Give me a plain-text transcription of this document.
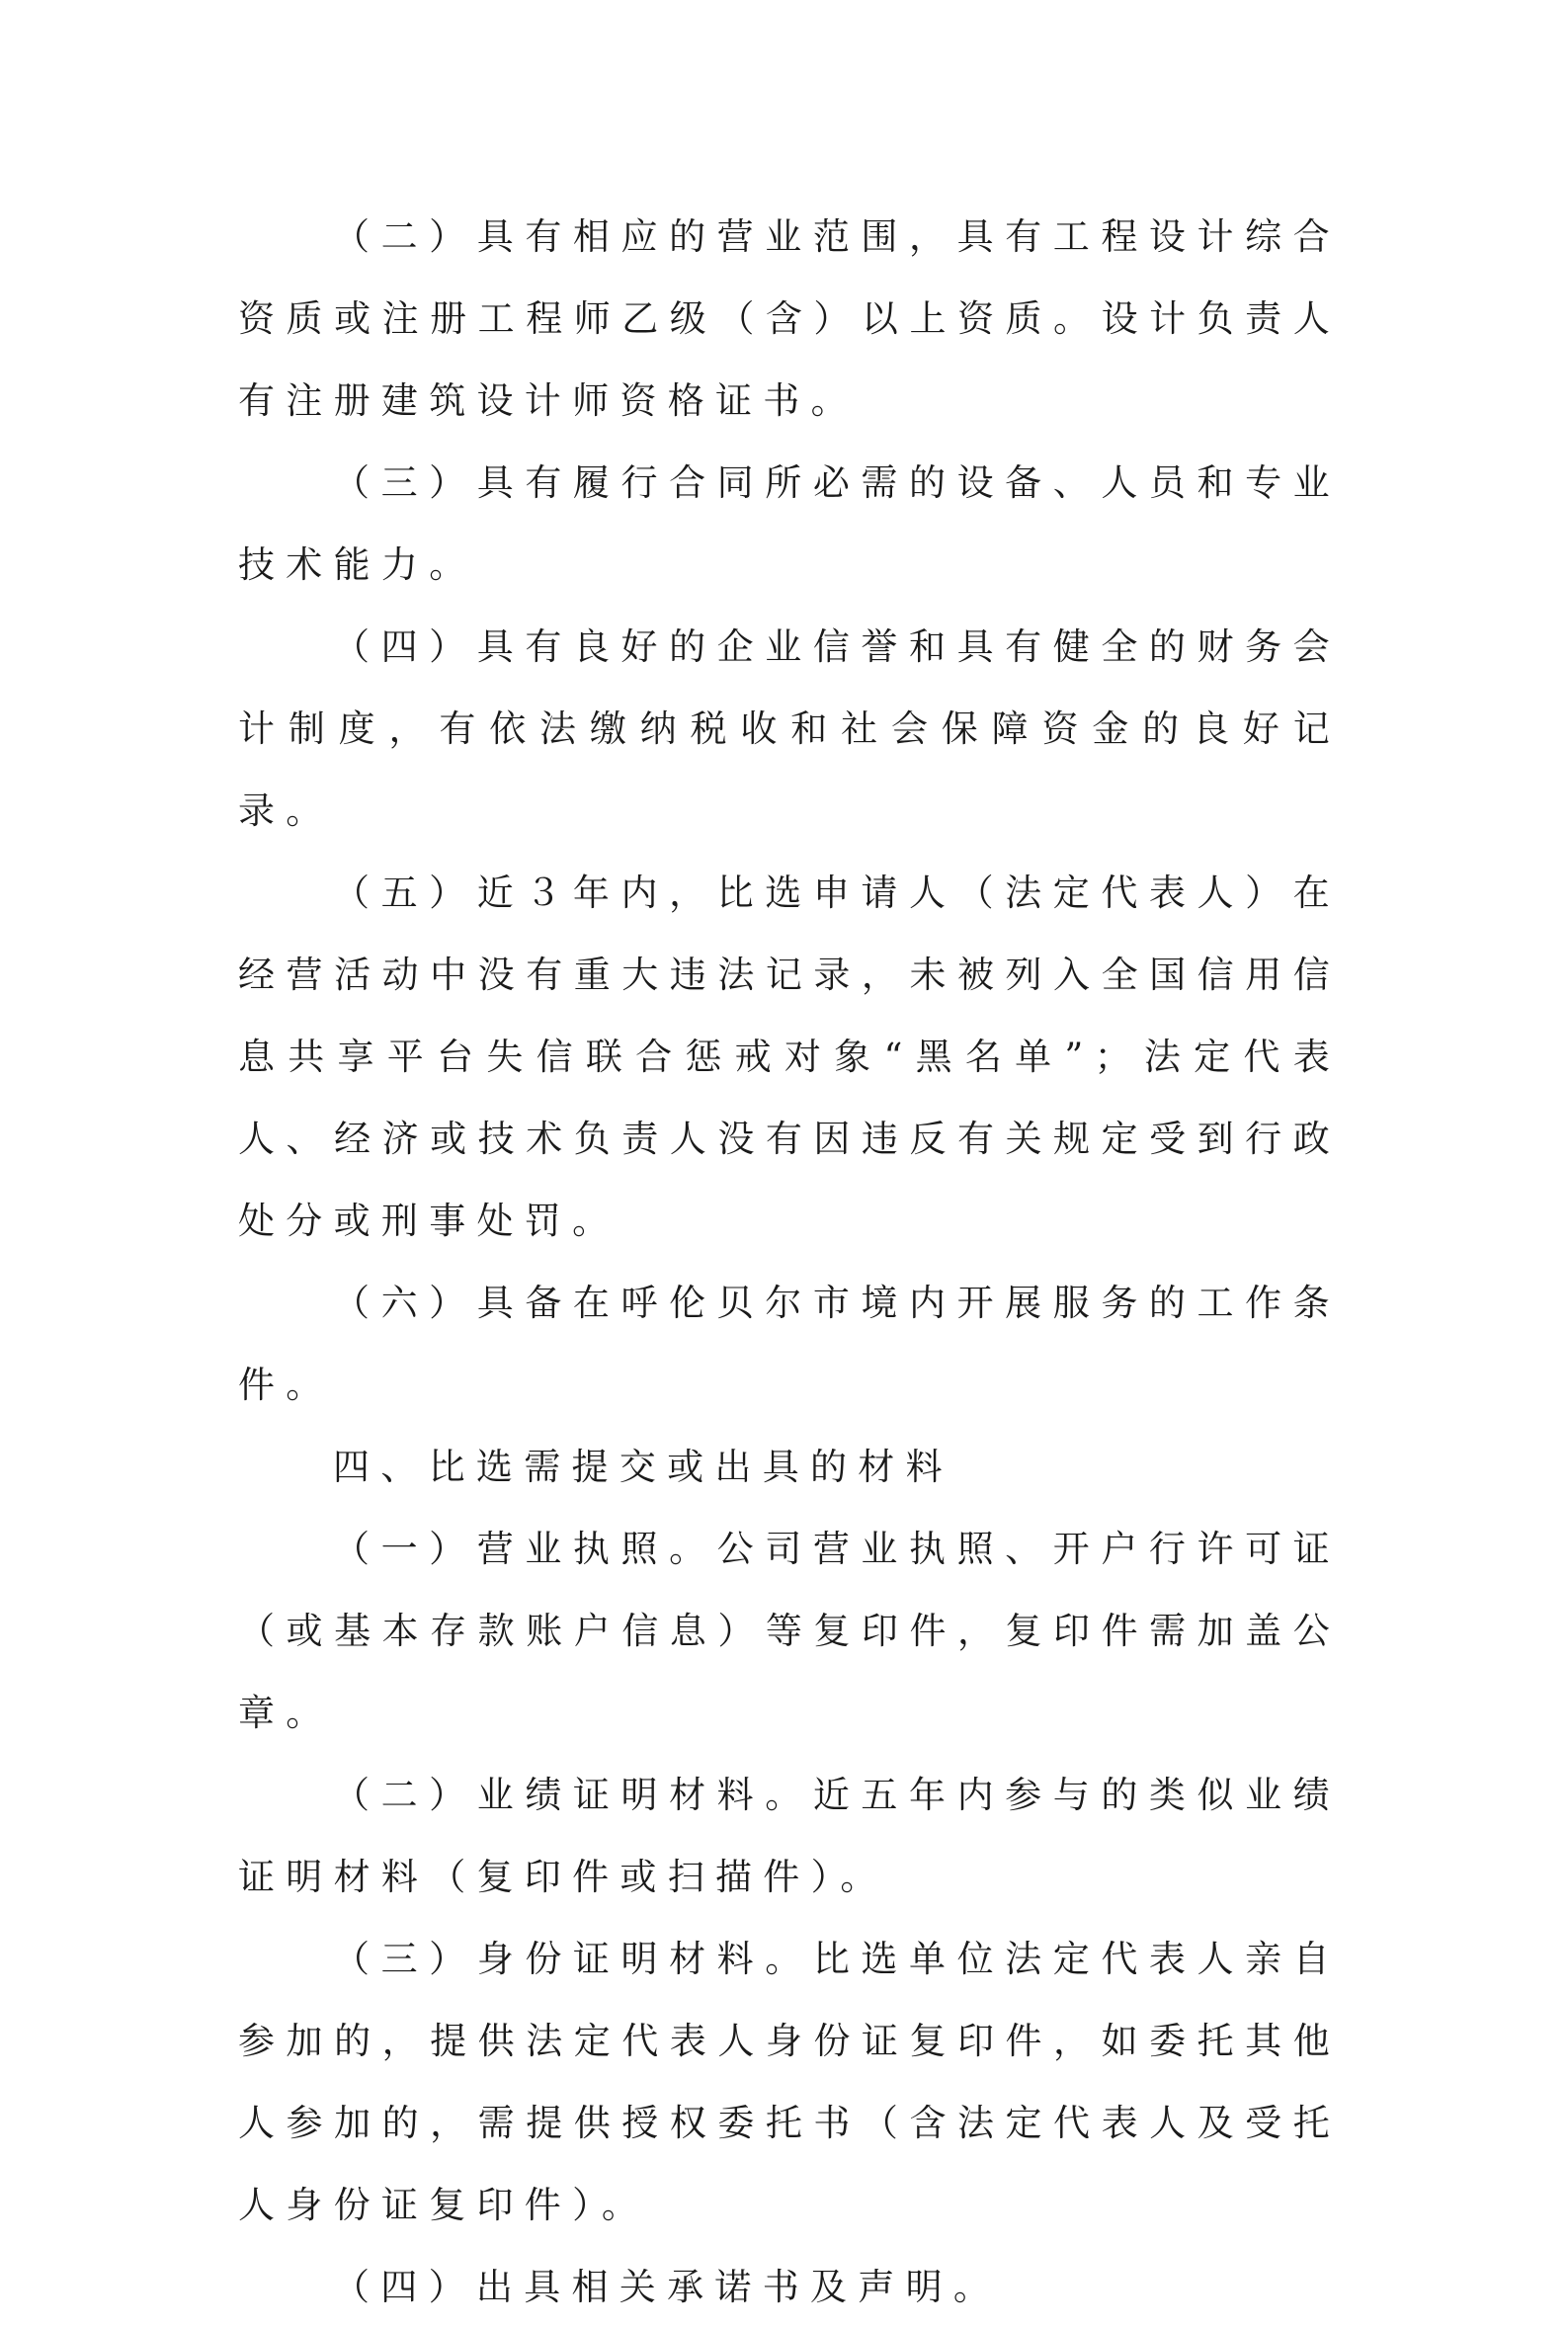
（二）具有相应的营业范围，具有工程设计综合资质或注册工程师乙级（含）以上资质。设计负责人有注册建筑设计师资格证书。

（三）具有履行合同所必需的设备、人员和专业技术能力。

（四）具有良好的企业信誉和具有健全的财务会计制度，有依法缴纳税收和社会保障资金的良好记录。

（五）近３年内，比选申请人（法定代表人）在经营活动中没有重大违法记录，未被列入全国信用信息共享平台失信联合惩戒对象“黑名单”；法定代表人、经济或技术负责人没有因违反有关规定受到行政处分或刑事处罚。

（六）具备在呼伦贝尔市境内开展服务的工作条件。

四、比选需提交或出具的材料

（一）营业执照。公司营业执照、开户行许可证（或基本存款账户信息）等复印件，复印件需加盖公章。

（二）业绩证明材料。近五年内参与的类似业绩证明材料（复印件或扫描件）。

（三）身份证明材料。比选单位法定代表人亲自参加的，提供法定代表人身份证复印件，如委托其他人参加的，需提供授权委托书（含法定代表人及受托人身份证复印件）。

（四）出具相关承诺书及声明。
